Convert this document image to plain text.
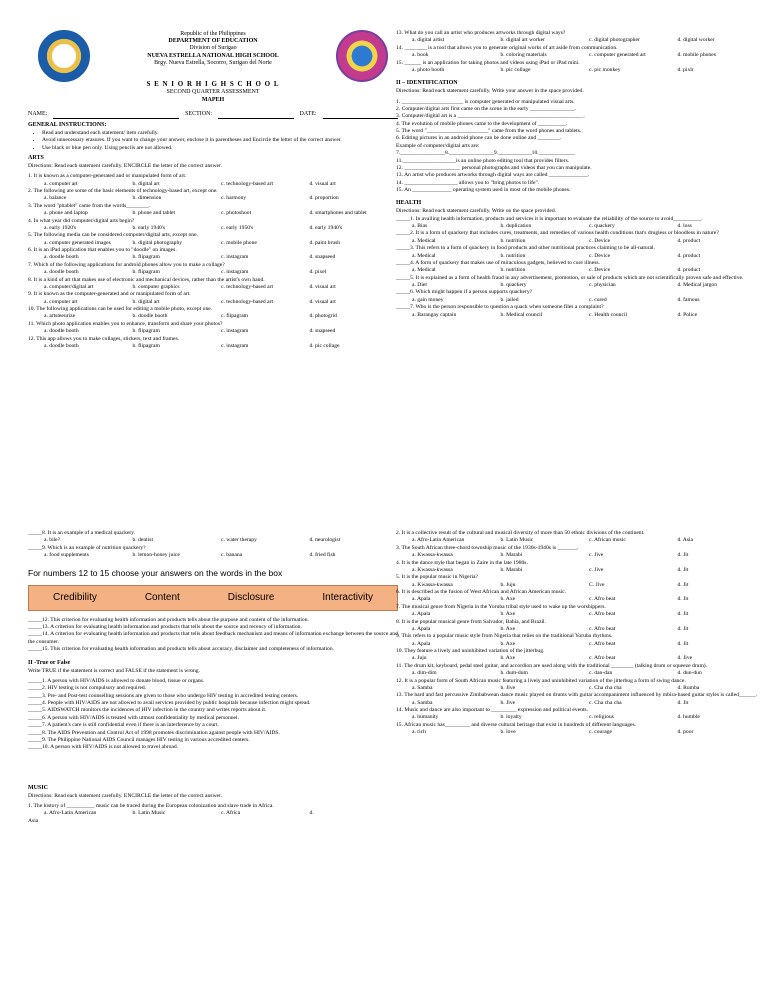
Republic of the Philippines
DEPARTMENT OF EDUCATION
Division of Surigao
NUEVA ESTRELLA NATIONAL HIGH SCHOOL
Brgy. Nueva Estrella, Socorro, Surigao del Norte
S E N I O R H I G H S C H O O L
SECOND QUARTER ASSESSMENT
MAPEH
NAME:	SECTION:	DATE:
GENERAL INSTRUCTIONS:
• Read and understand each statement/ item carefully.
• Avoid unnecessary erasures. If you want to change your answer, enclose it in parentheses and Encircle the letter of the correct answer.
• Use black or blue pen only. Using pencils are not allowed.
ARTS

Directions: Read each statement carefully. ENCIRCLE the letter of the correct answer.

1. It is known as a computer-generated and or manipulated form of art.

a. computer art	b. digital art	c. technology-based art	d. visual art

2. The following are some of the basic elements of technology-based art, except one.

a. balance	b. dimension	c. harmony	d. proportion

3. The word "phablet" came from the words________.

a. phone and laptop	b. phone and tablet	c. photoshoot	d. smartphones and tablet

4. In what year did computer/digital arts begin?

a. early 1920's	b. early 1940's	c. early 1950's	d. early 1940's

5. The following media can be considered computer/digital arts, except one.

a. computer generated images	b. digital photography	c. mobile phone	d. paint brush

6. It is an iPad application that enables you to "doodle" on images.

a. doodle booth	b. flipagram	c. instagram	d. snapseed

7. Which of the following applications for android phones allow you to make a collage?

a. doodle booth	b. flipagram	c. instagram	d. pixel

8. It is a kind of art that makes use of electronic and mechanical devices, rather than the artist's own hand.

a. computer/digital art	b. computer graphics	c. technology-based art	d. visual art

9. It is known as the computer-generated and or manipulated form of art.

a. computer art	b. digital art	c. technology-based art	d. visual art

10. The following applications can be used for editing a mobile photo, except one.

a. artsteeurize	b. doodle booth	c. flipagram	d. photogrid

11. Which photo application enables you to enhance, transform and share your photos?

a. doodle booth	b. flipagram	c. instagram	d. snapseed

12. This app allows you to make collages, stickers, text and frames.

a. doodle booth	b. flipagram	c. instagram	d. pic collage

13. What do you call an artist who produces artworks through digital ways?

a. digital artist	b. digital art worker	c. digital photographer	d. digital worker

14. ________ is a tool that allows you to generate original works of art aside from communication.

a. book	b. coloring materials	c. computer generated art	d. mobile phones

15. ______ is an application for taking photos and videos using iPad or iPad mini.

a. photo booth	b. pic collage	c. pic monkey	d. pixlr
II – IDENTIFICATION

Directions: Read each statement carefully. Write your answer in the space provided.

1. ______________________ is computer generated or manipulated visual arts.

2. Computer/digital arts first came on the scene in the early ________________.

3. Computer/digital art is a _____________________________________________.

4. The evolution of mobile phones came to the development of __________.

5. The word "______________________" came from the word phones and tablets.

6. Editing pictures in an android phone can be done online and ________.

Example of computer/digital arts are:

7.________________8.________________9.____________10._____________

11.___________________is an online photo editing tool that provides filters.

12. ____________________ personal photographs and videos that you can manipulate.

13. An artist who produces artworks through digital ways are called ______________.

14. ___________________ allows you to "bring photos to life".

15. An ______________ operating system used in most of the mobile phones.

HEALTH

Directions: Read each statement carefully. Write on the space provided.

_____1. In availing health information, products and services it is important to evaluate the reliability of the source to avoid__________.

a. Bias	b. duplication	c. quackery	d. loss

_____2. It is a form of quackery that includes cures, treatments, and remedies of various health conditions that's drugless or bloodless in nature?

a. Medical	b. nutrition	c. Device	d. product

_____3. This refers to a form of quackery in food products and other nutritional practices claiming to be all-natural.

a. Medical	b. nutrition	c. Device	d. product

_____4. A form of quackery that makes use of miraculous gadgets, believed to cure illness.

a. Medical	b. nutrition	c. Device	d. product

_____5. It is explained as a form of health fraud in any advertisement, promotion, or sale of products which are not scientifically proven safe and effective.

a. Diet	b. quackery	c. physician	d. Medical jargon

_____6. Which might happen if a person supports quackery?

a. gain money	b. jailed	c. cured	d. famous

_____7. Who is the person responsible to question a quack when someone files a complaint?

a. Barangay captain	b. Medical council	c. Health council	d. Police

_____8. It is an example of a medical quackery.

a. bile?	b. dentist	c. water therapy	d. neurologist

_____9. Which is an example of nutrition quackery?

a. food supplements	b. lemon-honey juice	c. banana	d. fried fish
For numbers 12 to 15 choose your answers on the words in the box
Credibility	Content	Disclosure	Interactivity

_____12. This criterion for evaluating health information and products tells about the purpose and content of the information.

_____13. A criterion for evaluating health information and products that tells about the source and recency of information.

_____14. A criterion for evaluating health information and products that tells about feedback mechanism and means of information exchange between the source and the consumer.

_____15. This criterion for evaluating health information and products tells about accuracy, disclaimer and completeness of information.

II -True or False

Write TRUE if the statement is correct and FALSE if the statement is wrong.

_____1. A person with HIV/AIDS is allowed to donate blood, tissue or organs.

_____2. HIV testing is not compulsory and required.

_____3. Pre- and Post-test counselling sessions are given to those who undergo HIV testing in accredited testing centers.

_____4. People with HIV/AIDS are not allowed to avail services provided by public hospitals because infection might spread.

_____5. AIDSWATCH monitors the incidences of HIV infection in the country and writes reports about it.

_____6. A person with HIV/AIDS is treated with utmost confidentiality by medical personnel.

_____7. A patient's care is still confidential even if there is an interference by a court.

_____8. The AIDS Prevention and Control Act of 1998 promotes discrimination against people with HIV/AIDS.

_____9. The Philippine National AIDS Council manages HIV testing in various accredited centers.

_____10. A person with HIV/AIDS is not allowed to travel abroad.

MUSIC

Directions: Read each statement carefully. ENCIRCLE the letter of the correct answer.

1. The history of __________ music can be traced during the European colonization and slave trade in Africa.

a. Afro-Latin American	b. Latin Music	c. Africa	d.

Asia

2. It is a collective result of the cultural and musical diversity of more than 50 ethnic divisions of the continent.

a. Afro-Latin American	b. Latin Music	c. African music	d. Asia

3. The South African three-chord township music of the 1930s-1940s is _______.

a. Kwassa-kwassa	b. Marabi	c. Jive	d. Jit

4. It is the dance style that began in Zaire in the late 1980s.

a. Kwassa-kwassa	b. Marabi	c. Jive	d. Jit

5. It is the popular music in Nigeria?

a. Kwassa-kwassa	b. Juju	C. Jive	d. Jit

6. It is described as the fusion of West African and African American music.

a. Apala	b. Axe	c. Afro beat	d. Jit

7. The musical genre from Nigeria in the Yoruba tribal style used to wake up the worshippers.

a. Apala	b. Axe	c. Afro beat	d. Jit

8. It is the popular musical genre from Salvador, Bahia, and Brazil.

a. Apala	b. Axe	c. Afro beat	d. Jit

9. This refers to a popular music style from Nigeria that relies on the traditional Yoruba rhythms.

a. Apala	b. Axe	c. Afro beat	d. Jit

10. They feature a lively and uninhibited variation of the jitterbug.

a. Juju	b. Axe	c. Afro beat	d. Jive

11. The drum kit, keyboard, pedal steel guitar, and accordion are used along with the traditional ________ (talking drum or squeeze drum).

a. dim-dim	b. dum-dum	c. dan-dan	d. dun-dun

12. It is a popular form of South African music featuring a lively and uninhibited variation of the jitterbug a form of swing dance.

a. Samba	b. Jive	c. Cha cha cha	d. Rumba

13. The hard and fast percussive Zimbabwean dance music played on drums with guitar accompaniment influenced by mbira-based guitar styles is called______.

a. Samba	b. Jive	c. Cha cha cha	d. Jit

14. Music and dance are also important to _________ expression and political events.

a. humanity	b. loyalty	c. religious	d. humble

15. African music has_________ and diverse cultural heritage that exist in hundreds of different languages.

a. rich	b. love	c. courage	d. poor
